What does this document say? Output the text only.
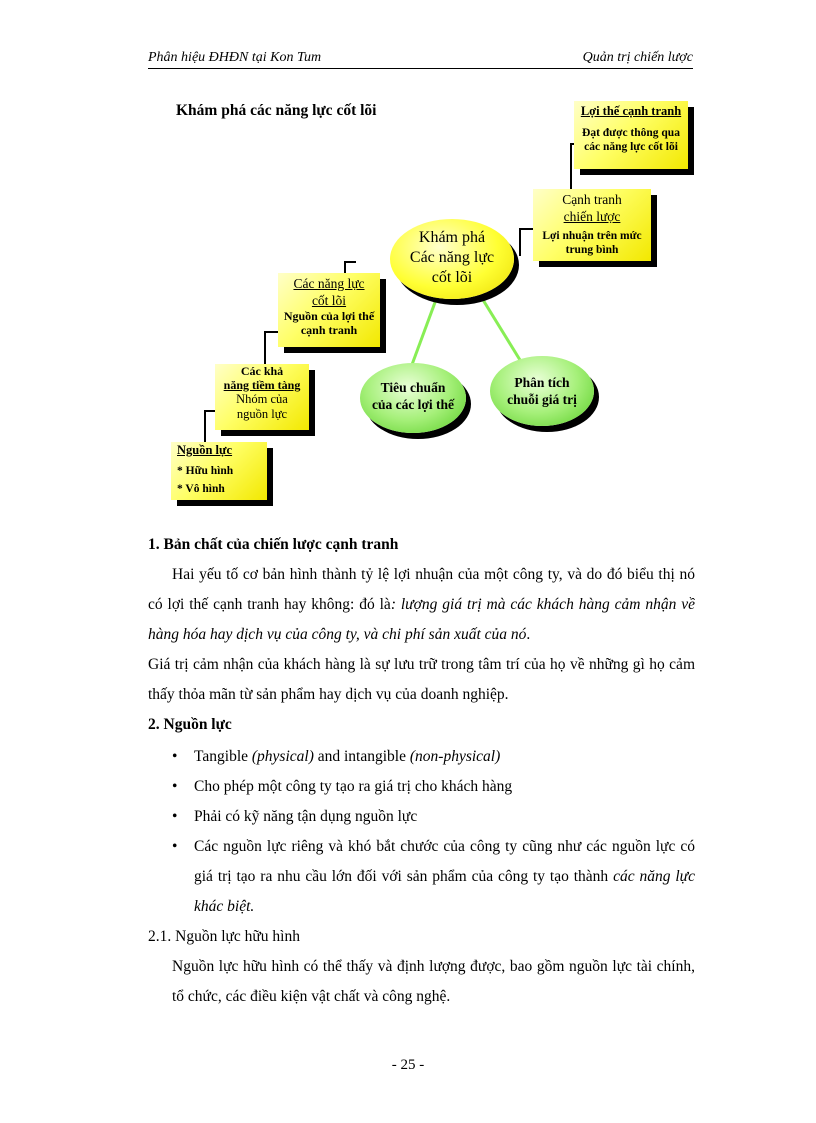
Phân hiệu ĐHĐN tại Kon Tum	Quản trị chiến lược
Khám phá các năng lực cốt lõi	Lợi thế cạnh tranh
Đạt được thông qua
các năng lực cốt lõi
Cạnh tranh
chiến lược
Lợi nhuận trên mức
trung bình
Khám phá
Các năng lực
cốt lõi
Các năng lực
cốt lõi
Nguồn của lợi thế
cạnh tranh
Các khả
năng tiềm tàng
Nhóm của
nguồn lực
Nguồn lực
* Hữu hình
* Vô hình
Tiêu chuẩn
của các lợi thế
Phân tích
chuỗi giá trị

1. Bản chất của chiến lược cạnh tranh

Hai yếu tố cơ bản hình thành tỷ lệ lợi nhuận của một công ty, và do đó biểu thị nó có lợi thế cạnh tranh hay không: đó là: lượng giá trị mà các khách hàng cảm nhận về hàng hóa hay dịch vụ của công ty, và chi phí sản xuất của nó.

Giá trị cảm nhận của khách hàng là sự lưu trữ trong tâm trí của họ về những gì họ cảm thấy thỏa mãn từ sản phẩm hay dịch vụ của doanh nghiệp.

2. Nguồn lực

• Tangible (physical) and intangible (non-physical)
• Cho phép một công ty tạo ra giá trị cho khách hàng
• Phải có kỹ năng tận dụng nguồn lực
• Các nguồn lực riêng và khó bắt chước của công ty cũng như các nguồn lực có giá trị tạo ra nhu cầu lớn đối với sản phẩm của công ty tạo thành các năng lực khác biệt.

2.1. Nguồn lực hữu hình

Nguồn lực hữu hình có thể thấy và định lượng được, bao gồm nguồn lực tài chính, tổ chức, các điều kiện vật chất và công nghệ.

- 25 -
